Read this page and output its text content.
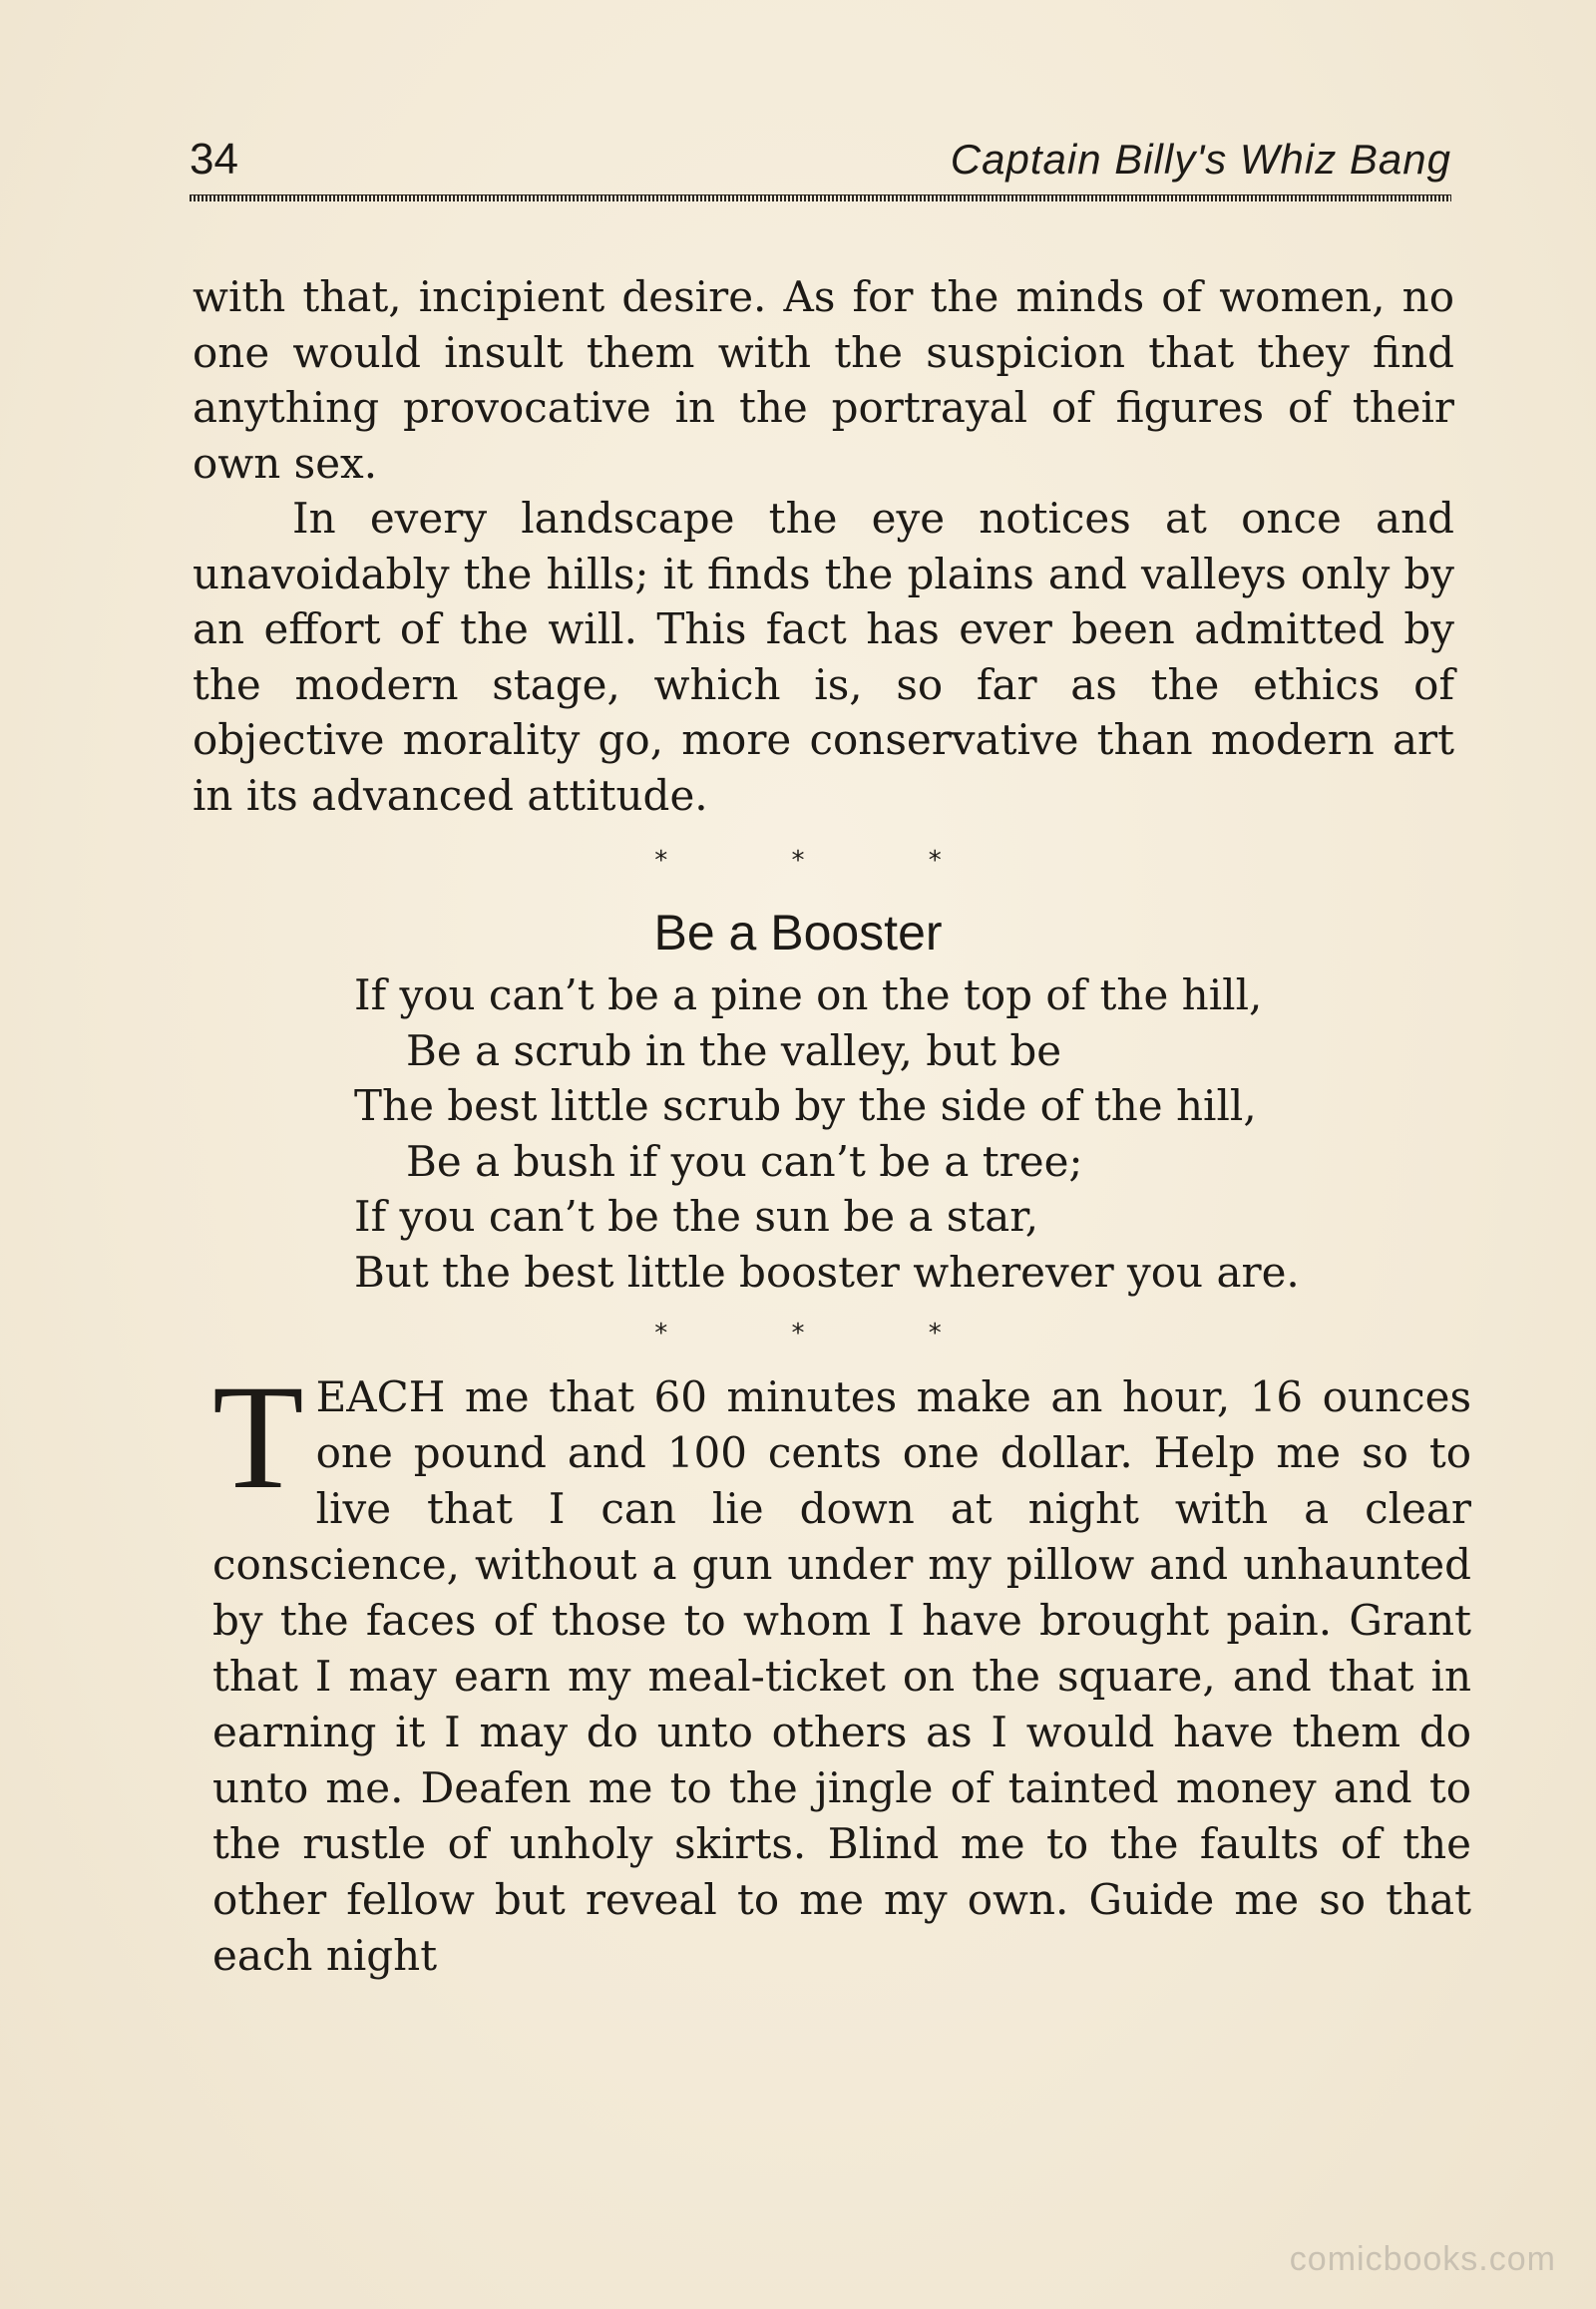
34	Captain Billy's Whiz Bang

with that, incipient desire. As for the minds of women, no one would insult them with the suspicion that they find anything provocative in the portrayal of figures of their own sex.

In every landscape the eye notices at once and unavoidably the hills; it finds the plains and valleys only by an effort of the will. This fact has ever been admitted by the modern stage, which is, so far as the ethics of objective morality go, more conservative than modern art in its advanced attitude.

* * *
Be a Booster
If you can’t be a pine on the top of the hill,
Be a scrub in the valley, but be
The best little scrub by the side of the hill,
Be a bush if you can’t be a tree;
If you can’t be the sun be a star,
But the best little booster wherever you are.
* * *
T EACH me that 60 minutes make an hour, 16 ounces one pound and 100 cents one dollar. Help me so to live that I can lie down at night with a clear conscience, without a gun under my pillow and unhaunted by the faces of those to whom I have brought pain. Grant that I may earn my meal-ticket on the square, and that in earning it I may do unto others as I would have them do unto me. Deafen me to the jingle of tainted money and to the rustle of unholy skirts. Blind me to the faults of the other fellow but reveal to me my own. Guide me so that each night
comicbooks.com
